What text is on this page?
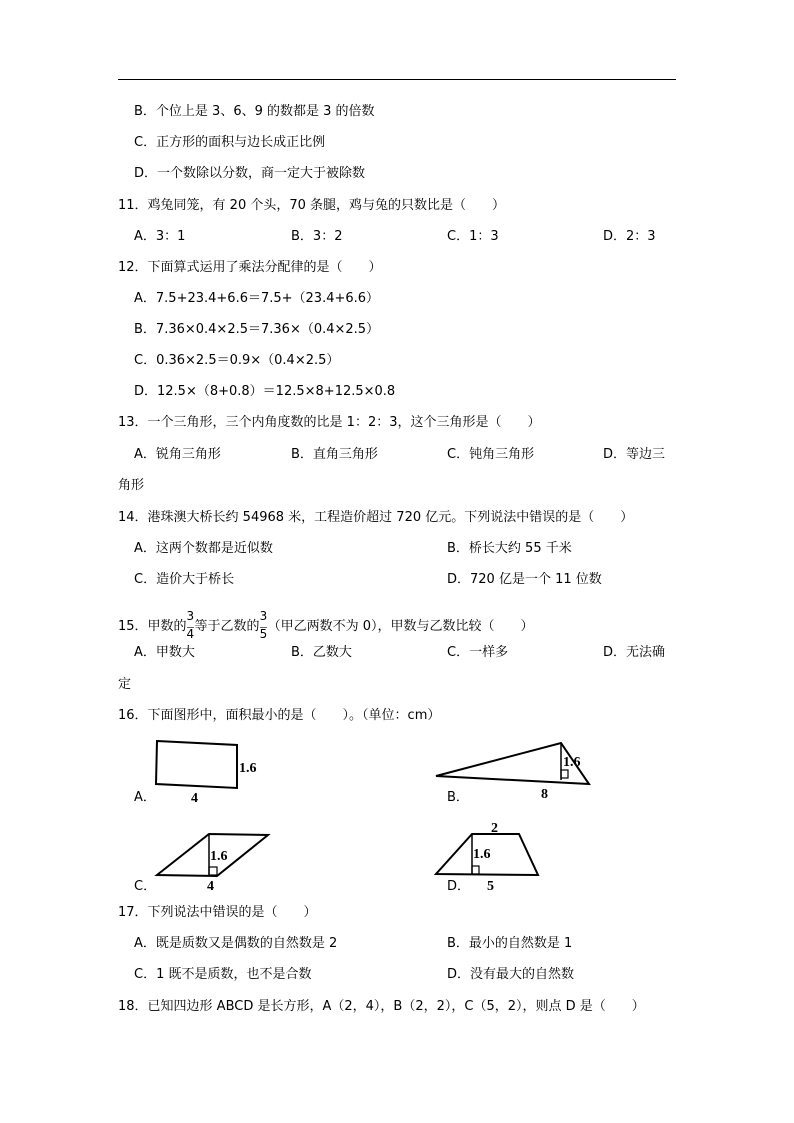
B．个位上是 3、6、9 的数都是 3 的倍数
C．正方形的面积与边长成正比例
D．一个数除以分数，商一定大于被除数
11．鸡兔同笼，有 20 个头，70 条腿，鸡与兔的只数比是（　　）
A．3：1	B．3：2	C．1：3	D．2：3
12．下面算式运用了乘法分配律的是（　　）
A．7.5+23.4+6.6＝7.5+（23.4+6.6）
B．7.36×0.4×2.5＝7.36×（0.4×2.5）
C．0.36×2.5＝0.9×（0.4×2.5）
D．12.5×（8+0.8）＝12.5×8+12.5×0.8
13．一个三角形，三个内角度数的比是 1：2：3，这个三角形是（　　）
A．锐角三角形	B．直角三角形	C．钝角三角形	D．等边三
角形
14．港珠澳大桥长约 54968 米，工程造价超过 720 亿元。下列说法中错误的是（　　）
A．这两个数都是近似数	B．桥长大约 55 千米
C．造价大于桥长	D．720 亿是一个 11 位数
15．甲数的
$\frac{3}{4}$
等于乙数的
$\frac{3}{5}$
（甲乙两数不为 0），甲数与乙数比较（　　）
A．甲数大	B．乙数大	C．一样多	D．无法确
定
16．下面图形中，面积最小的是（　　）。（单位：cm）
A．
1.6
4	B．
1.6
8
C．
1.6
4	D．
2
1.6
5
17．下列说法中错误的是（　　）
A．既是质数又是偶数的自然数是 2	B．最小的自然数是 1
C．1 既不是质数，也不是合数	D．没有最大的自然数
18．已知四边形 ABCD 是长方形，A（2，4），B（2，2），C（5，2），则点 D 是（　　）
